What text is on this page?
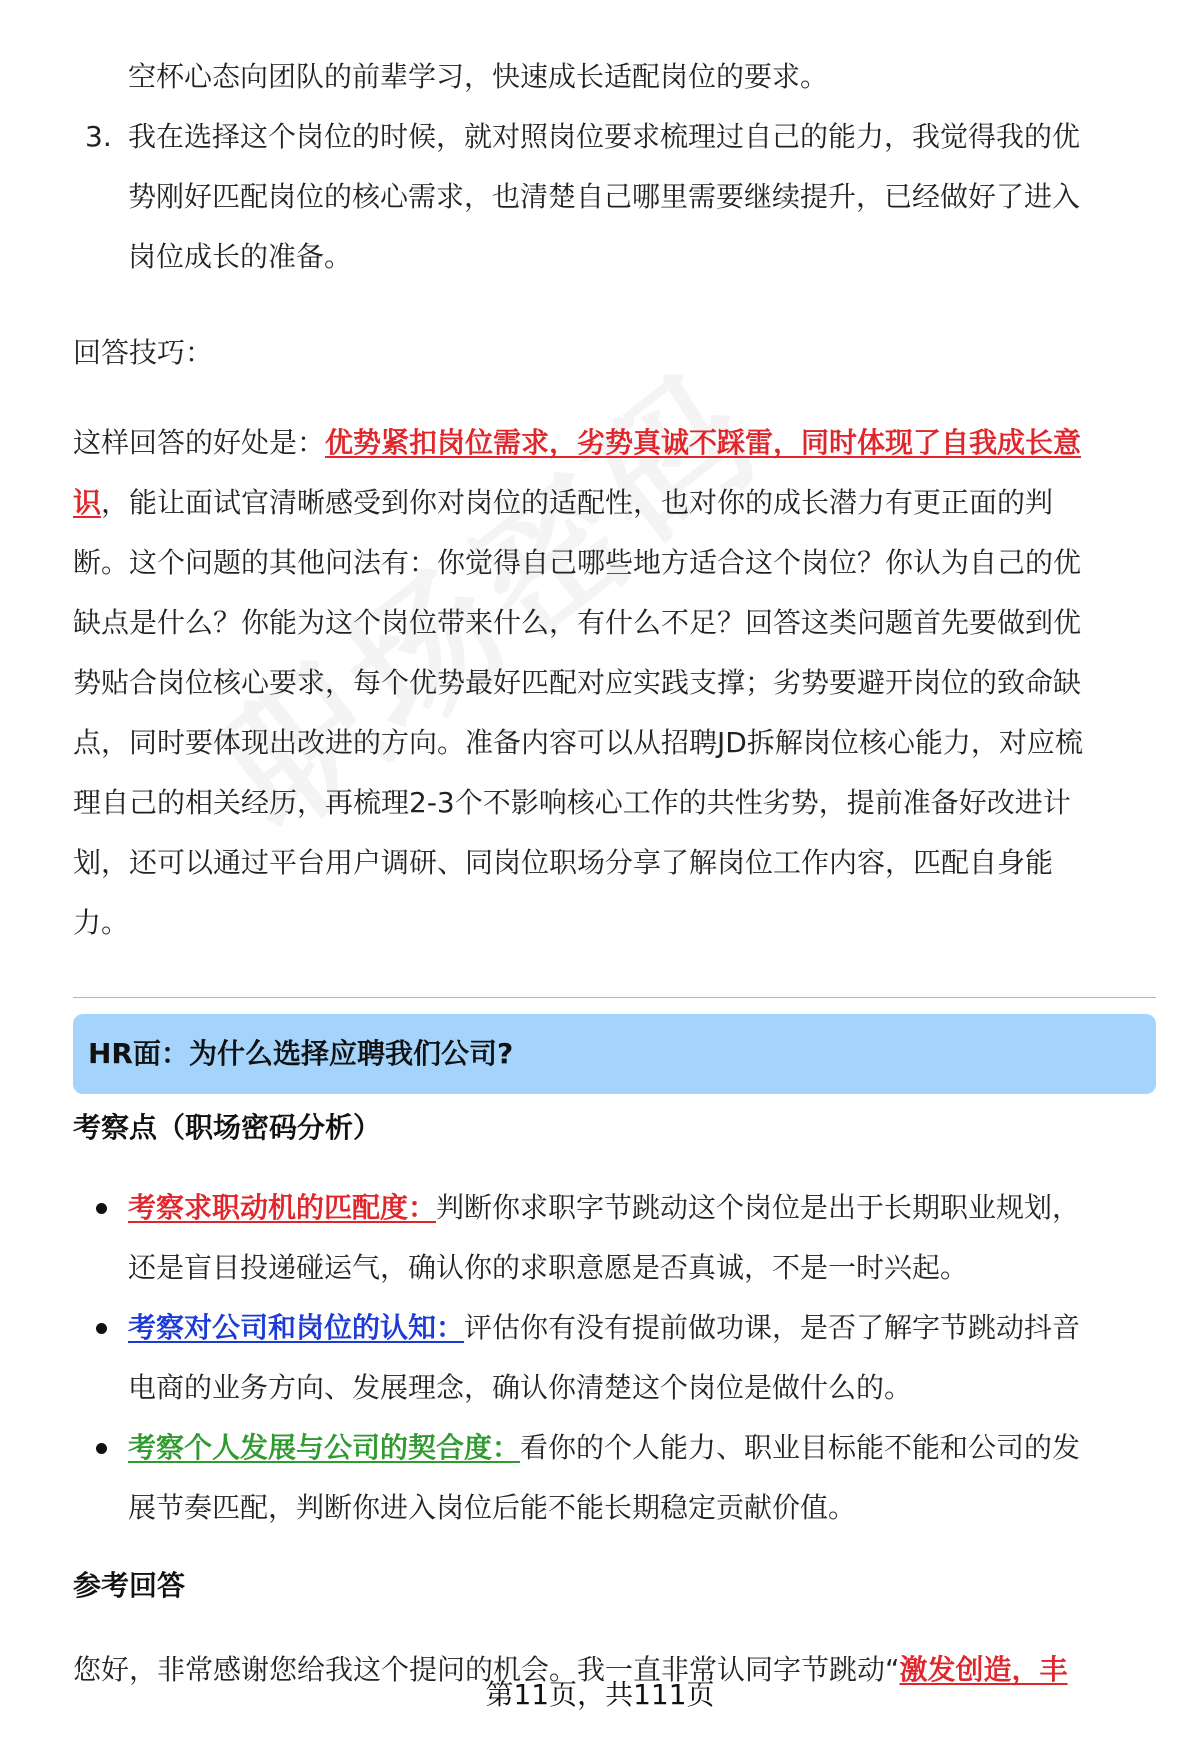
空杯心态向团队的前辈学习，快速成长适配岗位的要求。
3. 我在选择这个岗位的时候，就对照岗位要求梳理过自己的能力，我觉得我的优
势刚好匹配岗位的核心需求，也清楚自己哪里需要继续提升，已经做好了进入
岗位成长的准备。
回答技巧：
这样回答的好处是：优势紧扣岗位需求，劣势真诚不踩雷，同时体现了自我成长意
识，能让面试官清晰感受到你对岗位的适配性，也对你的成长潜力有更正面的判
断。这个问题的其他问法有：你觉得自己哪些地方适合这个岗位？你认为自己的优
缺点是什么？你能为这个岗位带来什么，有什么不足？回答这类问题首先要做到优
势贴合岗位核心要求，每个优势最好匹配对应实践支撑；劣势要避开岗位的致命缺
点，同时要体现出改进的方向。准备内容可以从招聘JD拆解岗位核心能力，对应梳
理自己的相关经历，再梳理2-3个不影响核心工作的共性劣势，提前准备好改进计
划，还可以通过平台用户调研、同岗位职场分享了解岗位工作内容，匹配自身能
力。
HR面：为什么选择应聘我们公司?
考察点（职场密码分析）
考察求职动机的匹配度：判断你求职字节跳动这个岗位是出于长期职业规划，
还是盲目投递碰运气，确认你的求职意愿是否真诚，不是一时兴起。
考察对公司和岗位的认知：评估你有没有提前做功课，是否了解字节跳动抖音
电商的业务方向、发展理念，确认你清楚这个岗位是做什么的。
考察个人发展与公司的契合度：看你的个人能力、职业目标能不能和公司的发
展节奏匹配，判断你进入岗位后能不能长期稳定贡献价值。
参考回答
您好，非常感谢您给我这个提问的机会。我一直非常认同字节跳动“激发创造，丰
第11页，共111页
